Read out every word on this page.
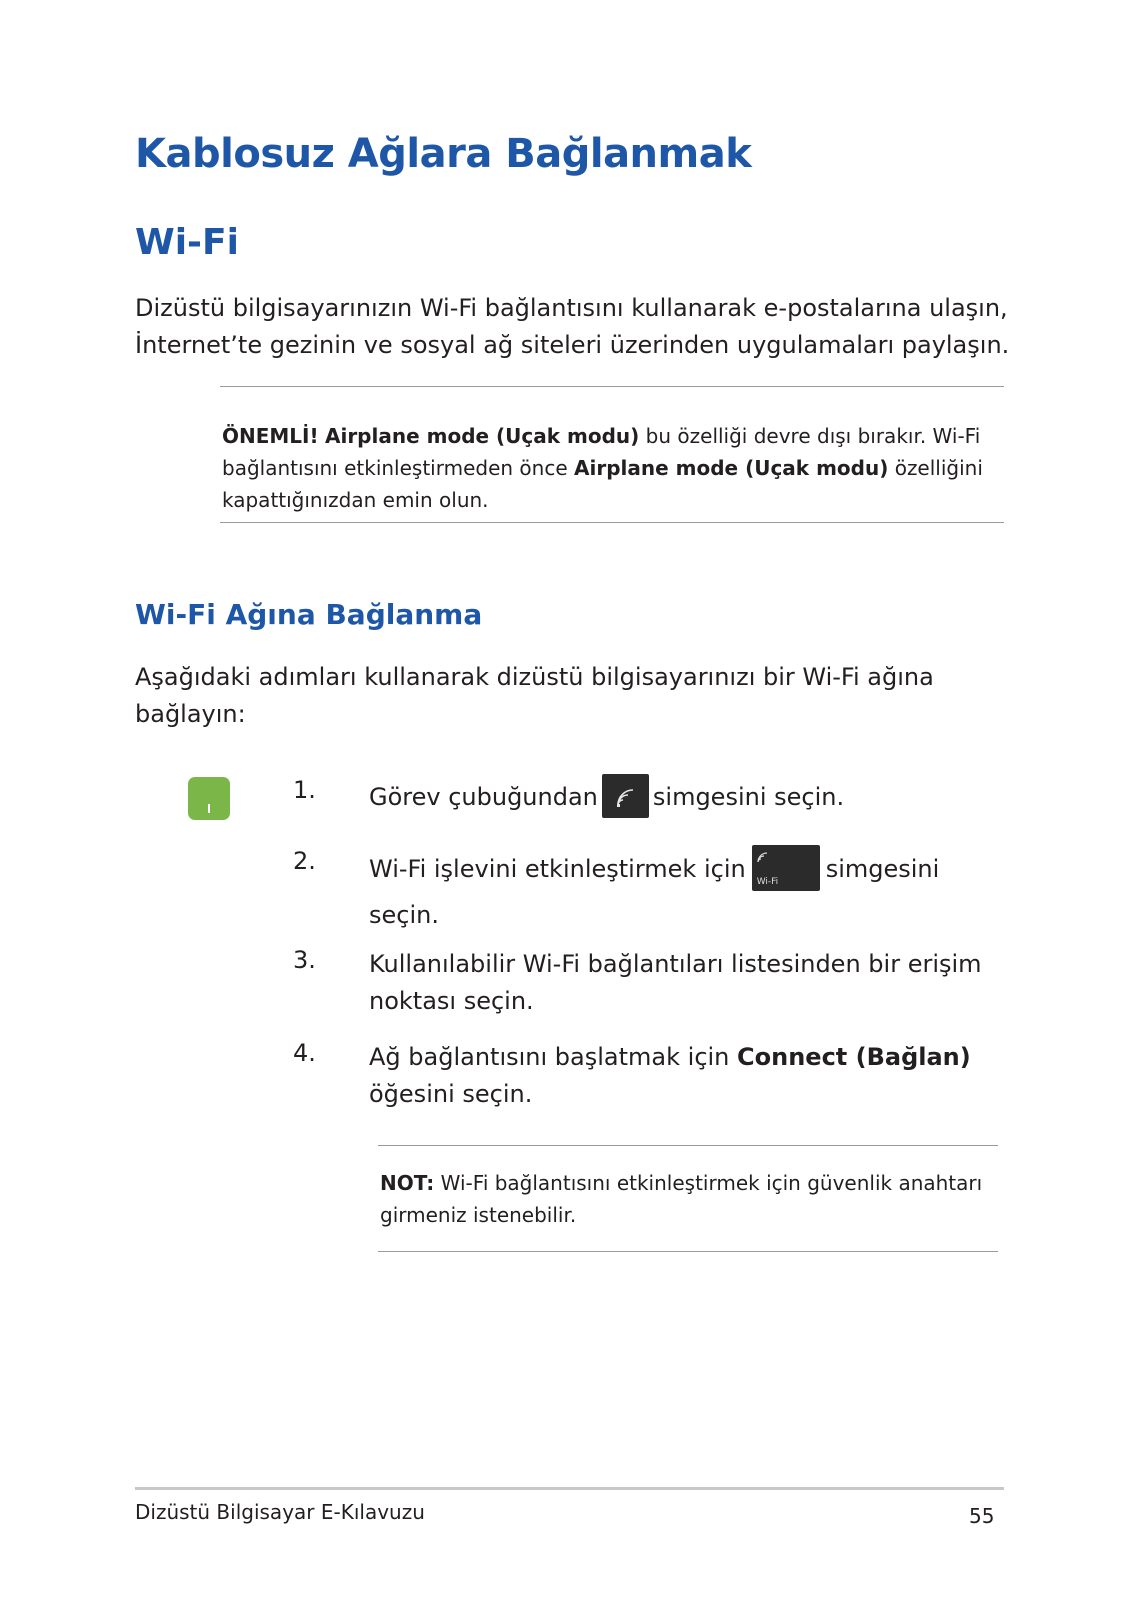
Kablosuz Ağlara Bağlanmak
Wi-Fi
Dizüstü bilgisayarınızın Wi-Fi bağlantısını kullanarak e-postalarına ulaşın, İnternet’te gezinin ve sosyal ağ siteleri üzerinden uygulamaları paylaşın.
ÖNEMLİ! Airplane mode (Uçak modu) bu özelliği devre dışı bırakır. Wi-Fi bağlantısını etkinleştirmeden önce Airplane mode (Uçak modu) özelliğini kapattığınızdan emin olun.
Wi-Fi Ağına Bağlanma
Aşağıdaki adımları kullanarak dizüstü bilgisayarınızı bir Wi-Fi ağına bağlayın:
1. Görev çubuğundan simgesini seçin.
2. Wi-Fi işlevini etkinleştirmek için Wi-Fi simgesini seçin.
3. Kullanılabilir Wi-Fi bağlantıları listesinden bir erişim noktası seçin.
4. Ağ bağlantısını başlatmak için Connect (Bağlan) öğesini seçin.
NOT: Wi-Fi bağlantısını etkinleştirmek için güvenlik anahtarı girmeniz istenebilir.
Dizüstü Bilgisayar E-Kılavuzu	55
